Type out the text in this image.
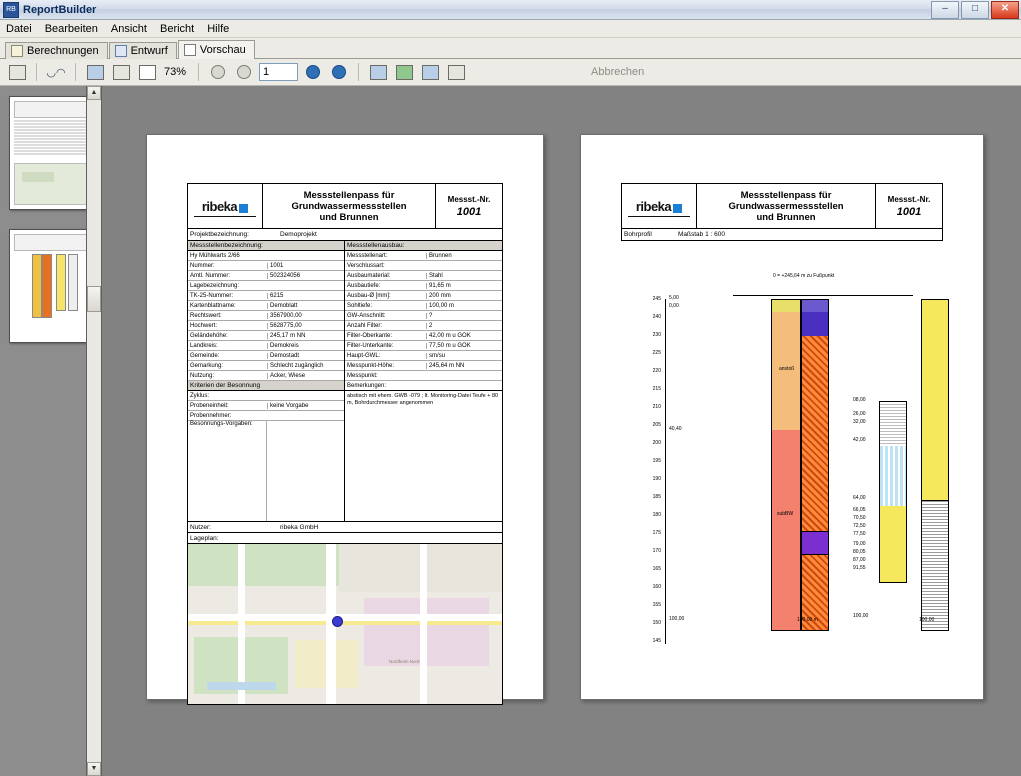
RB ReportBuilder	–	□	✕
Datei Bearbeiten Ansicht Bericht Hilfe
Berechnungen	Entwurf	Vorschau
◡◠	73%	1	Abbrechen
▲
▼
ribeka
Messstellenpass für
Grundwassermessstellen
und Brunnen
Messst.-Nr.
1001
Projektbezeichnung:	Demoprojekt
Messstellenbezeichnung:
Hy Mühlwarts 2/66
Nummer:	1001
Amtl. Nummer:	502324056
Lagebezeichnung:
TK-25-Nummer:	6215
Kartenblattname:	Demoblatt
Rechtswert:	3567900,00
Hochwert:	5628775,00
Geländehöhe:	245,17 m NN
Landkreis:	Demokreis
Gemeinde:	Demostadt
Gemarkung:	Schlecht zugänglich
Nutzung:	Acker, Wiese
Kriterien der Besonnung
Zyklus:
Probeneinheit:	keine Vorgabe
Probennehmer:
Besonnungs-Vorgaben:
Messstellenausbau:
Messstellenart:	Brunnen
Verschlussart:
Ausbaumaterial:	Stahl
Ausbautiefe:	91,65 m
Ausbau-Ø [mm]:	200 mm
Sohltiefe:	100,00 m
GW-Anschnitt:	?
Anzahl Filter:	2
Filter-Oberkante:	42,00 m u GOK
Filter-Unterkante:	77,50 m u GOK
Haupt-GWL:	sm/su
Messpunkt-Höhe:	245,64 m NN
Messpunkt:
Bemerkungen:
abstisch mit ehem. GWB -079 ; lt. Monitoring-Datei Teufe + 80 m, Bohrdurchmesser angenommen
Nutzer:	ribeka GmbH
Lageplan:
Nordheim Nord
ribeka
Messstellenpass für
Grundwassermessstellen
und Brunnen
Messst.-Nr.
1001
Bohrprofil	Maßstab 1 : 600
0 = +245,64 m zu Fußpunkt
245
240
230
225
220
215
210
205
200
195
190
185
180
175
170
165
160
155
150
145
5,00
0,00
40,40
100,00
anstoß
subBW
100,00 m
08,00
26,00
32,00
42,00
64,00
66,05
70,50
72,50
77,50
79,00
80,05
87,00
91,55
100,00
100,00
